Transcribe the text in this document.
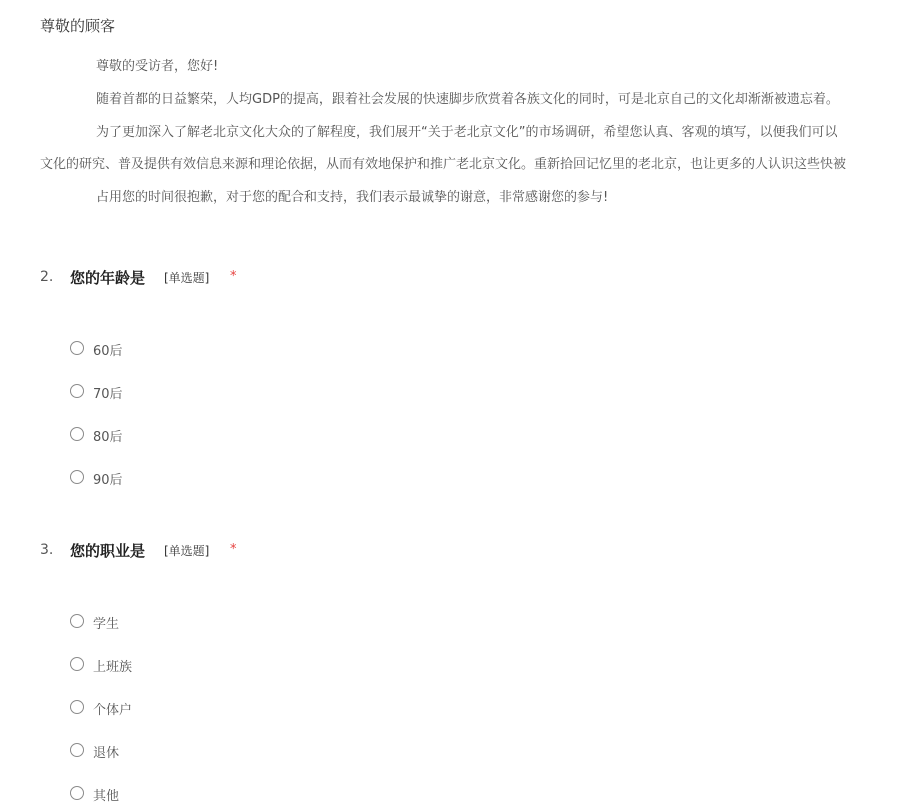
尊敬的顾客
尊敬的受访者，您好!
随着首都的日益繁荣，人均GDP的提高，跟着社会发展的快速脚步欣赏着各族文化的同时，可是北京自己的文化却渐渐被遗忘着。
为了更加深入了解老北京文化大众的了解程度，我们展开“关于老北京文化”的市场调研，希望您认真、客观的填写，以便我们可以
文化的研究、普及提供有效信息来源和理论依据，从而有效地保护和推广老北京文化。重新拾回记忆里的老北京，也让更多的人认识这些快被
占用您的时间很抱歉，对于您的配合和支持，我们表示最诚挚的谢意，非常感谢您的参与!
2. 您的年龄是 [单选题] *
60后
70后
80后
90后
3. 您的职业是 [单选题] *
学生
上班族
个体户
退休
其他
